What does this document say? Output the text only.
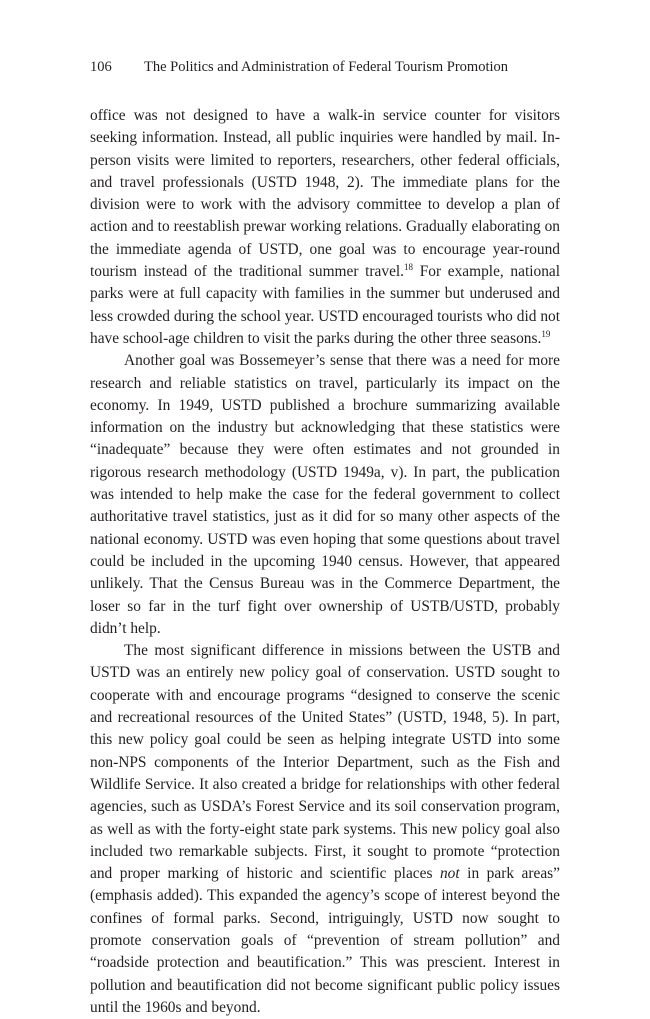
106 The Politics and Administration of Federal Tourism Promotion

office was not designed to have a walk-in service counter for visitors seeking information. Instead, all public inquiries were handled by mail. In-person visits were limited to reporters, researchers, other federal officials, and travel professionals (USTD 1948, 2). The immediate plans for the division were to work with the advisory committee to develop a plan of action and to reestablish prewar working relations. Gradually elaborating on the immediate agenda of USTD, one goal was to encourage year-round tourism instead of the traditional summer travel.$^{18}$ For example, national parks were at full capacity with families in the summer but underused and less crowded during the school year. USTD encouraged tourists who did not have school-age children to visit the parks during the other three seasons.$^{19}$

Another goal was Bossemeyer’s sense that there was a need for more research and reliable statistics on travel, particularly its impact on the economy. In 1949, USTD published a brochure summarizing available information on the industry but acknowledging that these statistics were “inadequate” because they were often estimates and not grounded in rigorous research methodology (USTD 1949a, v). In part, the publication was intended to help make the case for the federal government to collect authoritative travel statistics, just as it did for so many other aspects of the national economy. USTD was even hoping that some questions about travel could be included in the upcoming 1940 census. However, that appeared unlikely. That the Census Bureau was in the Commerce Department, the loser so far in the turf fight over ownership of USTB/USTD, probably didn’t help.

The most significant difference in missions between the USTB and USTD was an entirely new policy goal of conservation. USTD sought to cooperate with and encourage programs “designed to conserve the scenic and recreational resources of the United States” (USTD, 1948, 5). In part, this new policy goal could be seen as helping integrate USTD into some non-NPS components of the Interior Department, such as the Fish and Wildlife Service. It also created a bridge for relationships with other federal agencies, such as USDA’s Forest Service and its soil conservation program, as well as with the forty-eight state park systems. This new policy goal also included two remarkable subjects. First, it sought to promote “protection and proper marking of historic and scientific places not in park areas” (emphasis added). This expanded the agency’s scope of interest beyond the confines of formal parks. Second, intriguingly, USTD now sought to promote conservation goals of “prevention of stream pollution” and “roadside protection and beautification.” This was prescient. Interest in pollution and beautification did not become significant public policy issues until the 1960s and beyond.
